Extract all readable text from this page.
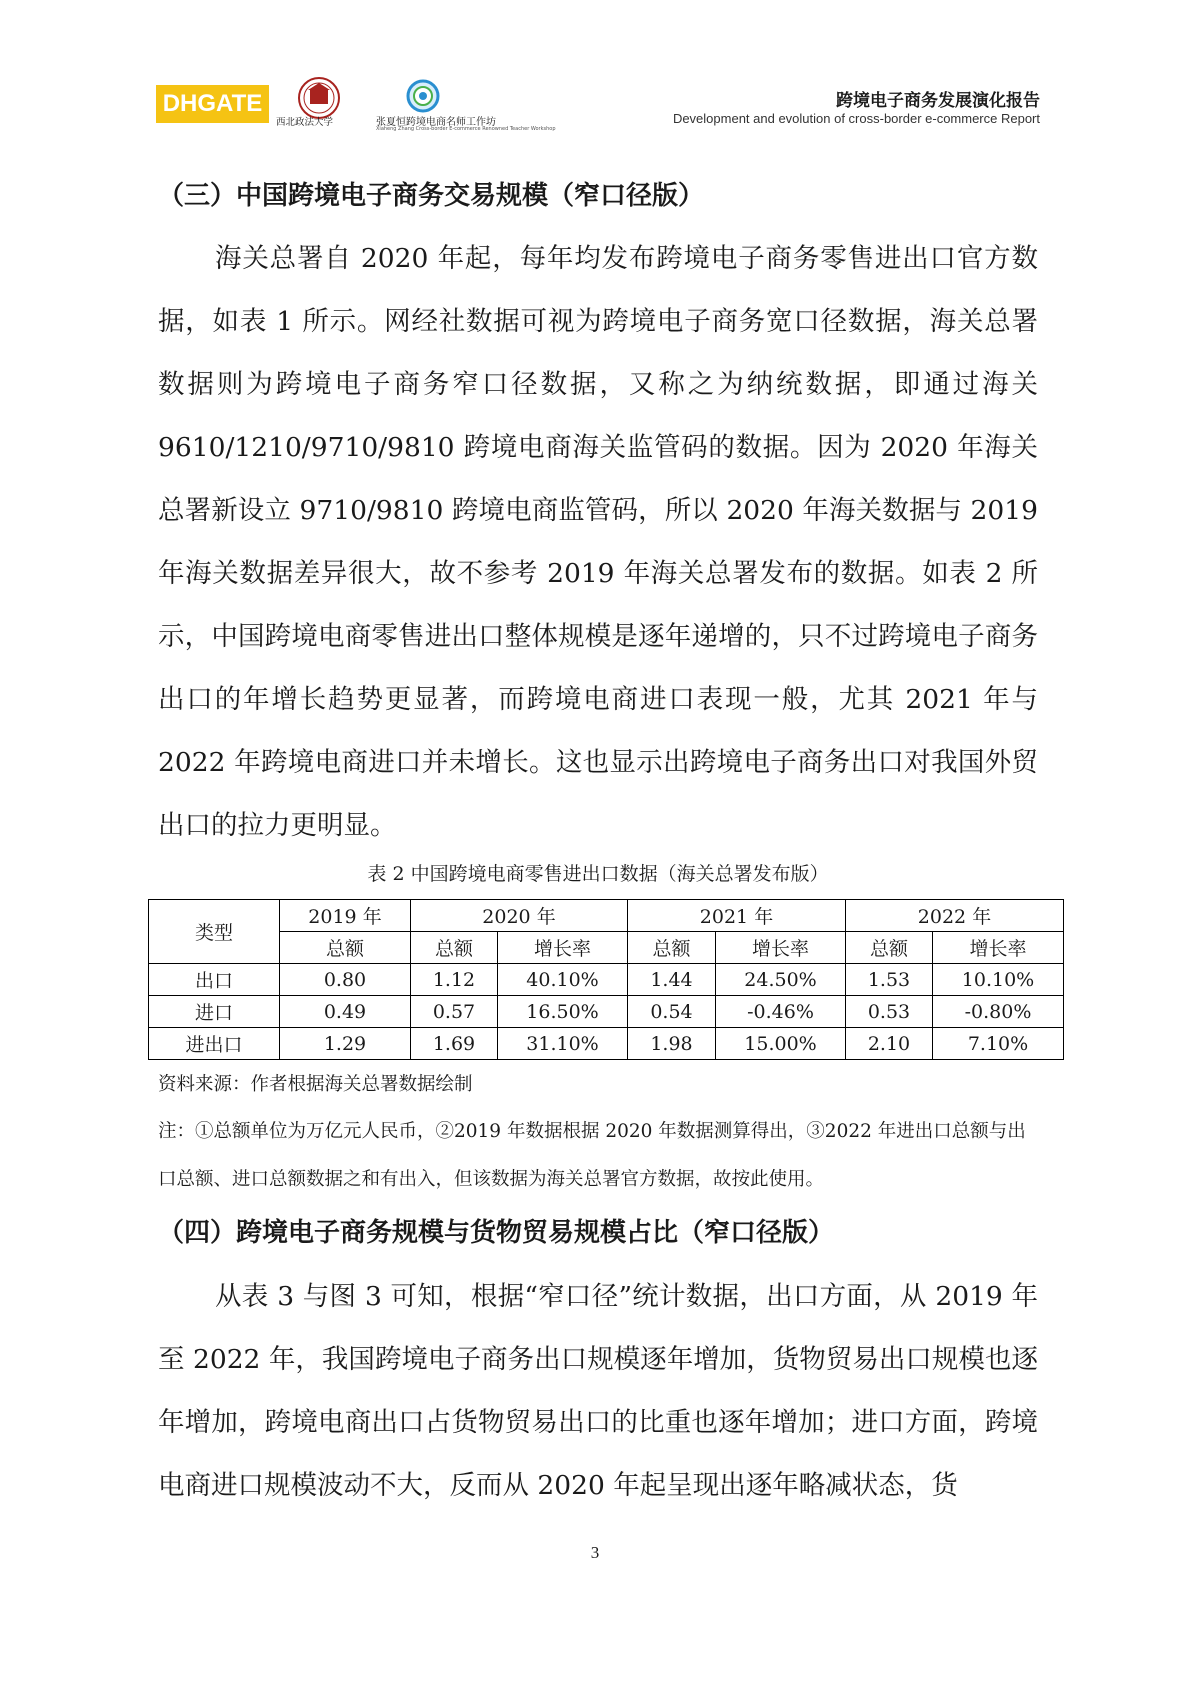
DHGATE
西北政法大学	张夏恒跨境电商名师工作坊
Xiaheng Zhang Cross-border E-commerce Renowned Teacher Workshop
跨境电子商务发展演化报告
Development and evolution of cross-border e-commerce Report
（三）中国跨境电子商务交易规模（窄口径版）

海关总署自 2020 年起，每年均发布跨境电子商务零售进出口官方数据，如表 1 所示。网经社数据可视为跨境电子商务宽口径数据，海关总署数据则为跨境电子商务窄口径数据，又称之为纳统数据，即通过海关 9610/1210/9710/9810 跨境电商海关监管码的数据。因为 2020 年海关总署新设立 9710/9810 跨境电商监管码，所以 2020 年海关数据与 2019 年海关数据差异很大，故不参考 2019 年海关总署发布的数据。如表 2 所示，中国跨境电商零售进出口整体规模是逐年递增的，只不过跨境电子商务出口的年增长趋势更显著，而跨境电商进口表现一般，尤其 2021 年与 2022 年跨境电商进口并未增长。这也显示出跨境电子商务出口对我国外贸出口的拉力更明显。

表 2 中国跨境电商零售进出口数据（海关总署发布版）
类型	2019 年	2020 年		2021 年		2022 年	
	总额	总额	增长率	总额	增长率	总额	增长率
出口	0.80	1.12	40.10%	1.44	24.50%	1.53	10.10%
进口	0.49	0.57	16.50%	0.54	-0.46%	0.53	-0.80%
进出口	1.29	1.69	31.10%	1.98	15.00%	2.10	7.10%
资料来源：作者根据海关总署数据绘制
注：①总额单位为万亿元人民币，②2019 年数据根据 2020 年数据测算得出，③2022 年进出口总额与出口总额、进口总额数据之和有出入，但该数据为海关总署官方数据，故按此使用。
（四）跨境电子商务规模与货物贸易规模占比（窄口径版）

从表 3 与图 3 可知，根据“窄口径”统计数据，出口方面，从 2019 年至 2022 年，我国跨境电子商务出口规模逐年增加，货物贸易出口规模也逐年增加，跨境电商出口占货物贸易出口的比重也逐年增加；进口方面，跨境电商进口规模波动不大，反而从 2020 年起呈现出逐年略减状态，货

3
